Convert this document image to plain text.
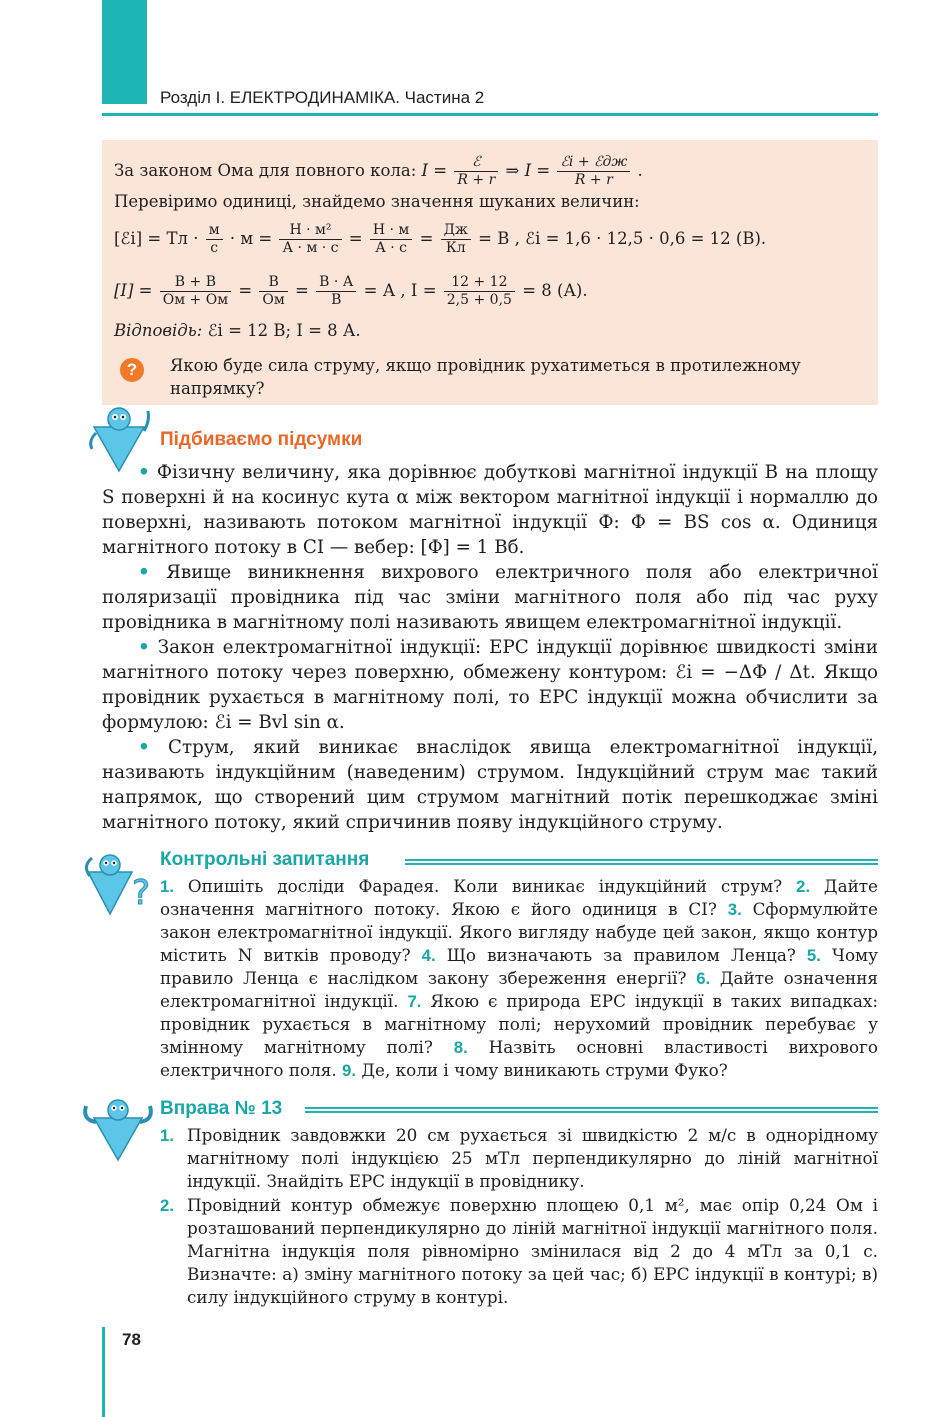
Розділ І. ЕЛЕКТРОДИНАМІКА. Частина 2
За законом Ома для повного кола: $I = \frac{\text{ℰ}}{R + r}$ ⇒ $I = \frac{\text{ℰi + ℰдж}}{R + r}$ .
Перевіримо одиниці, знайдемо значення шуканих величин:
[ℰi] = Тл · $\frac{м}{с} \cdot м = \frac{\text{Н · м²}}{А \cdot м \cdot с} = \frac{Н \cdot м}{А \cdot с} = \frac{Дж}{Кл} = В$ , ℰi = 1,6 · 12,5 · 0,6 = 12 (В).
$[I] = \frac{В + В}{Ом + Ом} = \frac{В}{Ом} = \frac{В \cdot А}{В} = А$ , $I = \frac{12 + 12}{2,5 + 0,5} = 8$ (А).
Відповідь: ℰi = 12 В; I = 8 А.
?	Якою буде сила струму, якщо провідник рухатиметься в протилежному напрямку?
Підбиваємо підсумки

• Фізичну величину, яка дорівнює добуткові магнітної індукції B на площу S поверхні й на косинус кута α між вектором магнітної індукції і нормаллю до поверхні, називають потоком магнітної індукції Ф: Φ = BS cos α. Одиниця магнітного потоку в СІ — вебер: [Φ] = 1 Вб.

• Явище виникнення вихрового електричного поля або електричної поляризації провідника під час зміни магнітного поля або під час руху провідника в магнітному полі називають явищем електромагнітної індукції.

• Закон електромагнітної індукції: ЕРС індукції дорівнює швидкості зміни магнітного потоку через поверхню, обмежену контуром: ℰi = −ΔΦ / Δt. Якщо провідник рухається в магнітному полі, то ЕРС індукції можна обчислити за формулою: ℰi = Bvl sin α.

• Струм, який виникає внаслідок явища електромагнітної індукції, називають індукційним (наведеним) струмом. Індукційний струм має такий напрямок, що створений цим струмом магнітний потік перешкоджає зміні магнітного потоку, який спричинив появу індукційного струму.

?
Контрольні запитання
1. Опишіть досліди Фарадея. Коли виникає індукційний струм? 2. Дайте означення магнітного потоку. Якою є його одиниця в СІ? 3. Сформулюйте закон електромагнітної індукції. Якого вигляду набуде цей закон, якщо контур містить N витків проводу? 4. Що визначають за правилом Ленца? 5. Чому правило Ленца є наслідком закону збереження енергії? 6. Дайте означення електромагнітної індукції. 7. Якою є природа ЕРС індукції в таких випадках: провідник рухається в магнітному полі; нерухомий провідник перебуває у змінному магнітному полі? 8. Назвіть основні властивості вихрового електричного поля. 9. Де, коли і чому виникають струми Фуко?
Вправа № 13
1. Провідник завдовжки 20 см рухається зі швидкістю 2 м/с в однорідному магнітному полі індукцією 25 мТл перпендикулярно до ліній магнітної індукції. Знайдіть ЕРС індукції в провіднику.
2. Провідний контур обмежує поверхню площею 0,1 м², має опір 0,24 Ом і розташований перпендикулярно до ліній магнітної індукції магнітного поля. Магнітна індукція поля рівномірно змінилася від 2 до 4 мТл за 0,1 с. Визначте: а) зміну магнітного потоку за цей час; б) ЕРС індукції в контурі; в) силу індукційного струму в контурі.
78
